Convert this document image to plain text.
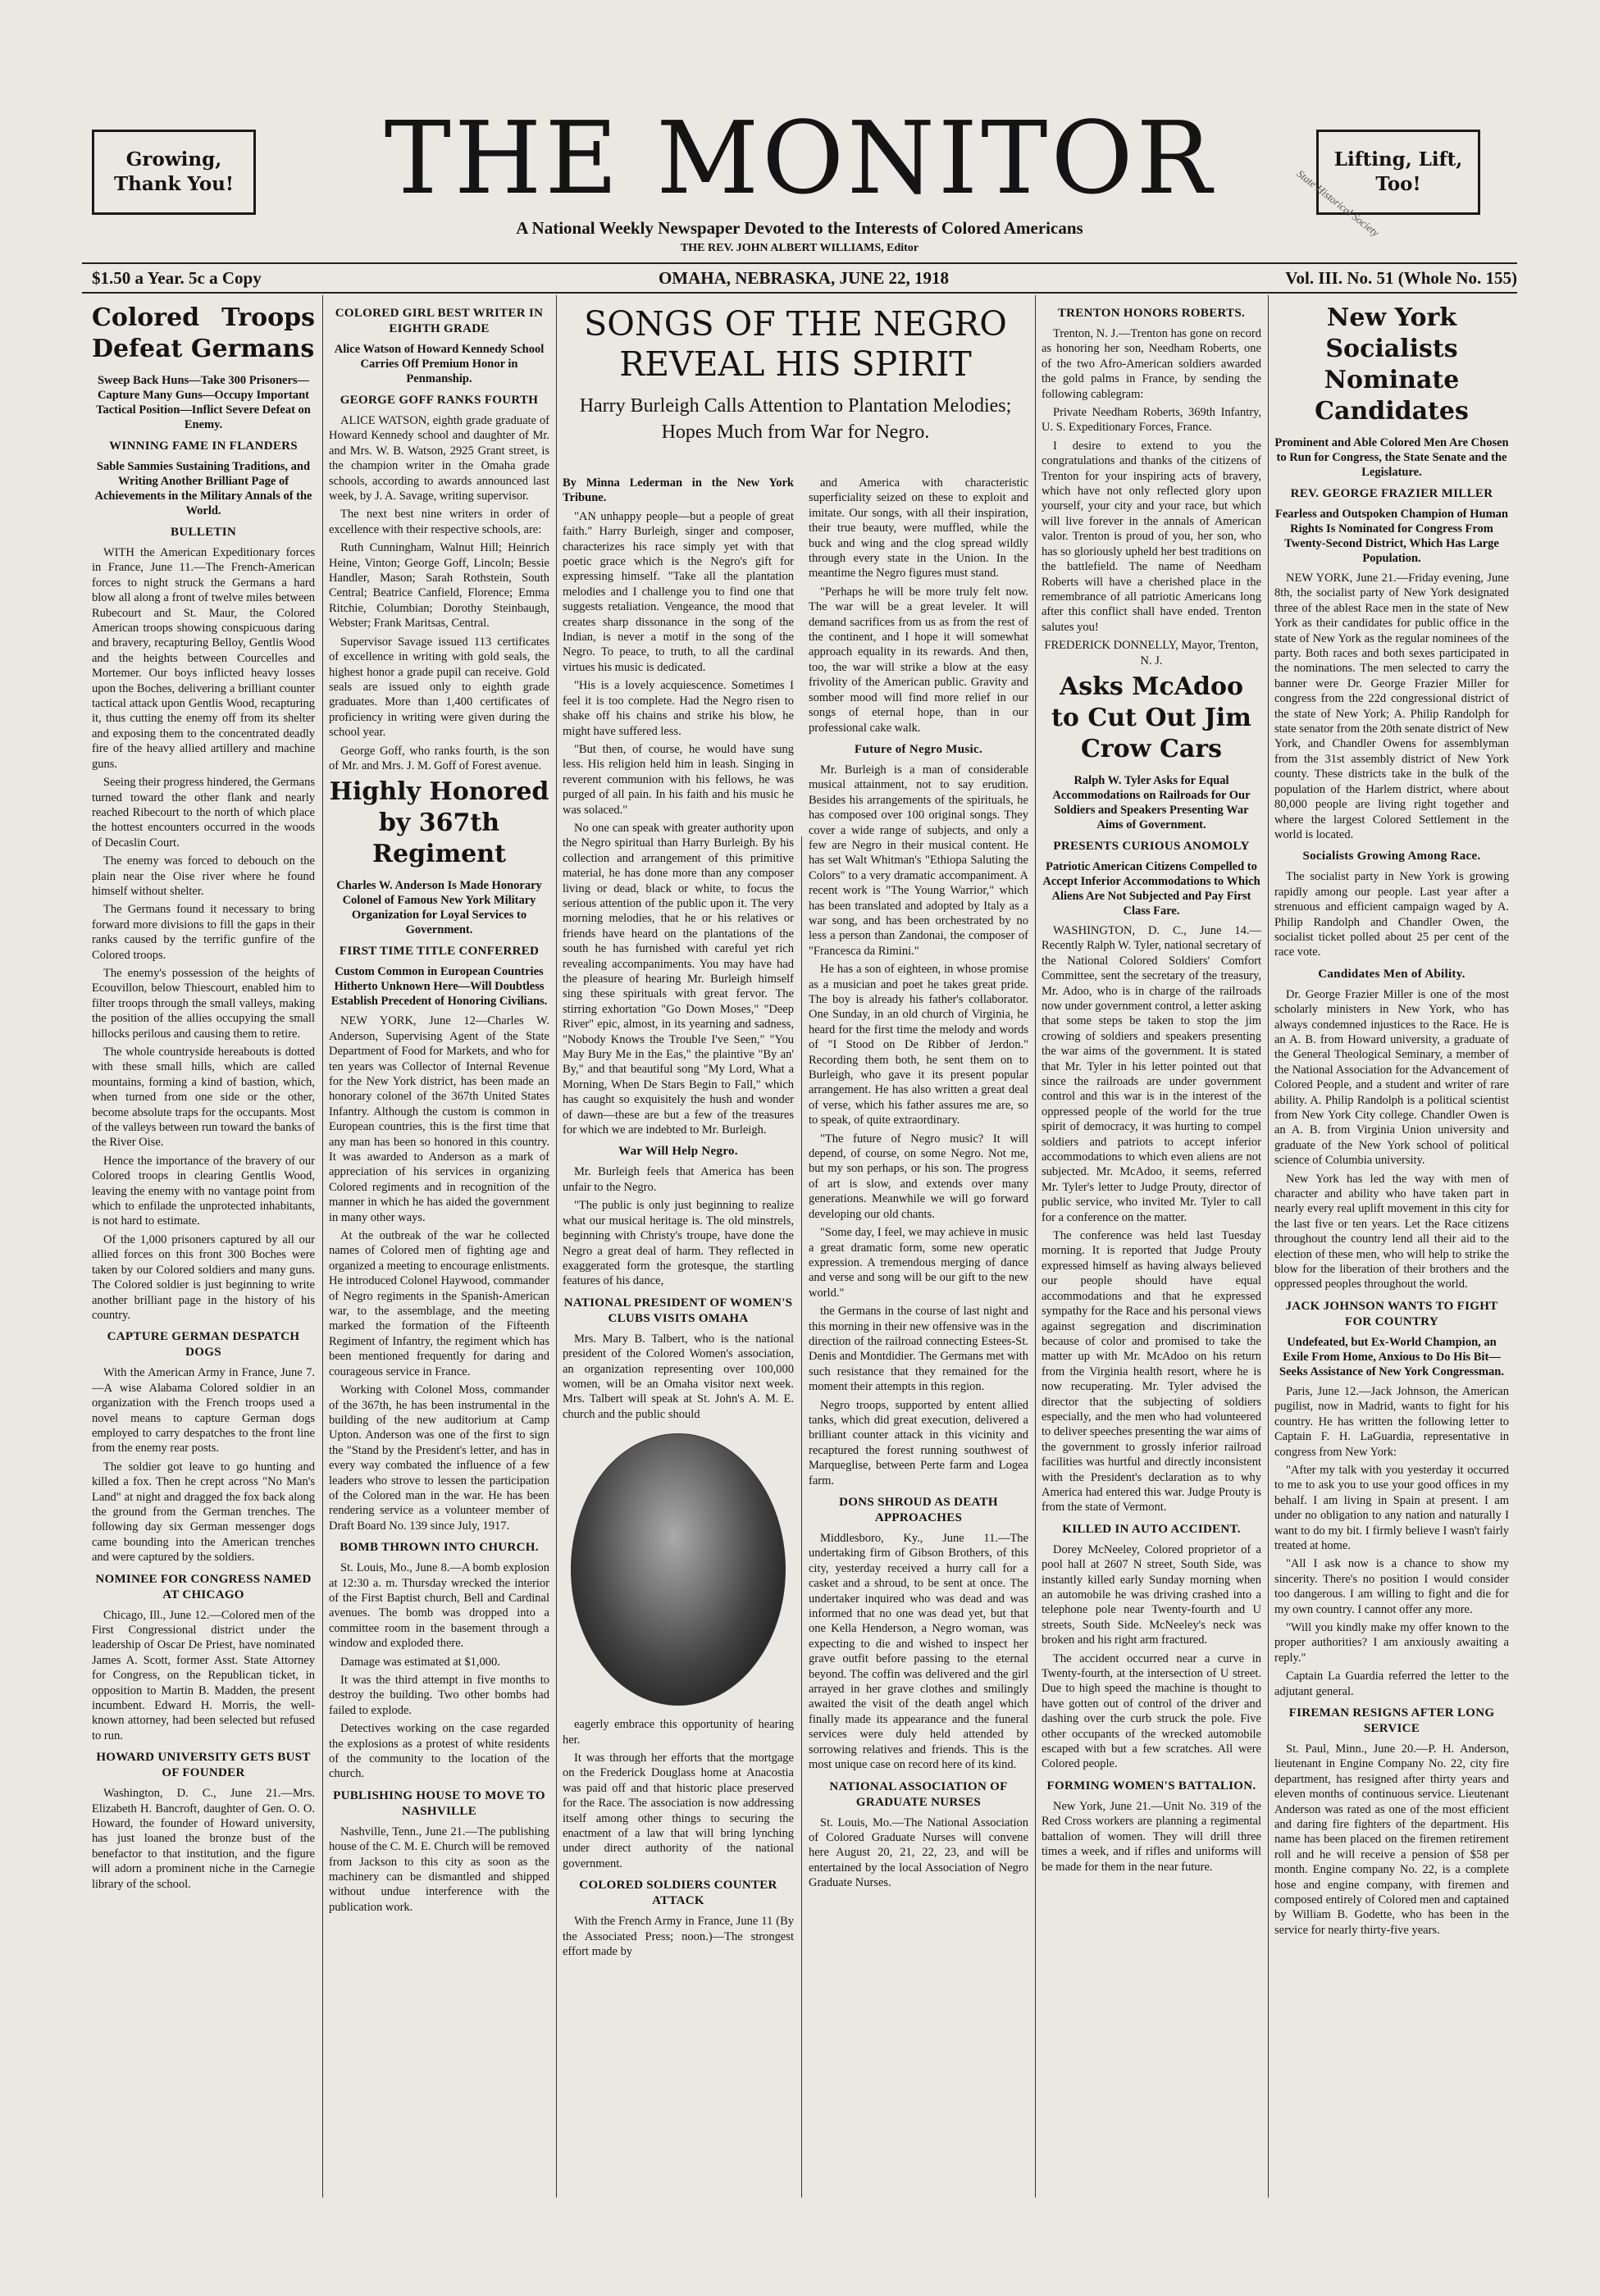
Growing, Thank You! THE MONITOR	Lifting, Lift, Too!
State Historical Society
A National Weekly Newspaper Devoted to the Interests of Colored Americans
THE REV. JOHN ALBERT WILLIAMS, Editor
$1.50 a Year. 5c a Copy	OMAHA, NEBRASKA, JUNE 22, 1918	Vol. III. No. 51 (Whole No. 155)
Colored Troops Defeat Germans
Sweep Back Huns—Take 300 Prisoners—Capture Many Guns—Occupy Important Tactical Position—Inflict Severe Defeat on Enemy.
WINNING FAME IN FLANDERS
Sable Sammies Sustaining Traditions, and Writing Another Brilliant Page of Achievements in the Military Annals of the World.
BULLETIN

WITH the American Expeditionary forces in France, June 11.—The French-American forces to night struck the Germans a hard blow all along a front of twelve miles between Rubecourt and St. Maur, the Colored American troops showing conspicuous daring and bravery, recapturing Belloy, Gentlis Wood and the heights between Courcelles and Mortemer. Our boys inflicted heavy losses upon the Boches, delivering a brilliant counter tactical attack upon Gentlis Wood, recapturing it, thus cutting the enemy off from its shelter and exposing them to the concentrated deadly fire of the heavy allied artillery and machine guns.

Seeing their progress hindered, the Germans turned toward the other flank and nearly reached Ribecourt to the north of which place the hottest encounters occurred in the woods of Decaslin Court.

The enemy was forced to debouch on the plain near the Oise river where he found himself without shelter.

The Germans found it necessary to bring forward more divisions to fill the gaps in their ranks caused by the terrific gunfire of the Colored troops.

The enemy's possession of the heights of Ecouvillon, below Thiescourt, enabled him to filter troops through the small valleys, making the position of the allies occupying the small hillocks perilous and causing them to retire.

The whole countryside hereabouts is dotted with these small hills, which are called mountains, forming a kind of bastion, which, when turned from one side or the other, become absolute traps for the occupants. Most of the valleys between run toward the banks of the River Oise.

Hence the importance of the bravery of our Colored troops in clearing Gentlis Wood, leaving the enemy with no vantage point from which to enfilade the unprotected inhabitants, is not hard to estimate.

Of the 1,000 prisoners captured by all our allied forces on this front 300 Boches were taken by our Colored soldiers and many guns. The Colored soldier is just beginning to write another brilliant page in the history of his country.

CAPTURE GERMAN DESPATCH DOGS

With the American Army in France, June 7.—A wise Alabama Colored soldier in an organization with the French troops used a novel means to capture German dogs employed to carry despatches to the front line from the enemy rear posts.

The soldier got leave to go hunting and killed a fox. Then he crept across "No Man's Land" at night and dragged the fox back along the ground from the German trenches. The following day six German messenger dogs came bounding into the American trenches and were captured by the soldiers.

NOMINEE FOR CONGRESS NAMED AT CHICAGO

Chicago, Ill., June 12.—Colored men of the First Congressional district under the leadership of Oscar De Priest, have nominated James A. Scott, former Asst. State Attorney for Congress, on the Republican ticket, in opposition to Martin B. Madden, the present incumbent. Edward H. Morris, the well-known attorney, had been selected but refused to run.

HOWARD UNIVERSITY GETS BUST OF FOUNDER

Washington, D. C., June 21.—Mrs. Elizabeth H. Bancroft, daughter of Gen. O. O. Howard, the founder of Howard university, has just loaned the bronze bust of the benefactor to that institution, and the figure will adorn a prominent niche in the Carnegie library of the school.

COLORED GIRL BEST WRITER IN EIGHTH GRADE
Alice Watson of Howard Kennedy School Carries Off Premium Honor in Penmanship.
GEORGE GOFF RANKS FOURTH

ALICE WATSON, eighth grade graduate of Howard Kennedy school and daughter of Mr. and Mrs. W. B. Watson, 2925 Grant street, is the champion writer in the Omaha grade schools, according to awards announced last week, by J. A. Savage, writing supervisor.

The next best nine writers in order of excellence with their respective schools, are:

Ruth Cunningham, Walnut Hill; Heinrich Heine, Vinton; George Goff, Lincoln; Bessie Handler, Mason; Sarah Rothstein, South Central; Beatrice Canfield, Florence; Emma Ritchie, Columbian; Dorothy Steinbaugh, Webster; Frank Maritsas, Central.

Supervisor Savage issued 113 certificates of excellence in writing with gold seals, the highest honor a grade pupil can receive. Gold seals are issued only to eighth grade graduates. More than 1,400 certificates of proficiency in writing were given during the school year.

George Goff, who ranks fourth, is the son of Mr. and Mrs. J. M. Goff of Forest avenue.

Highly Honored by 367th Regiment
Charles W. Anderson Is Made Honorary Colonel of Famous New York Military Organization for Loyal Services to Government.
FIRST TIME TITLE CONFERRED
Custom Common in European Countries Hitherto Unknown Here—Will Doubtless Establish Precedent of Honoring Civilians.

NEW YORK, June 12—Charles W. Anderson, Supervising Agent of the State Department of Food for Markets, and who for ten years was Collector of Internal Revenue for the New York district, has been made an honorary colonel of the 367th United States Infantry. Although the custom is common in European countries, this is the first time that any man has been so honored in this country. It was awarded to Anderson as a mark of appreciation of his services in organizing Colored regiments and in recognition of the manner in which he has aided the government in many other ways.

At the outbreak of the war he collected names of Colored men of fighting age and organized a meeting to encourage enlistments. He introduced Colonel Haywood, commander of Negro regiments in the Spanish-American war, to the assemblage, and the meeting marked the formation of the Fifteenth Regiment of Infantry, the regiment which has been mentioned frequently for daring and courageous service in France.

Working with Colonel Moss, commander of the 367th, he has been instrumental in the building of the new auditorium at Camp Upton. Anderson was one of the first to sign the "Stand by the President's letter, and has in every way combated the influence of a few leaders who strove to lessen the participation of the Colored man in the war. He has been rendering service as a volunteer member of Draft Board No. 139 since July, 1917.

BOMB THROWN INTO CHURCH.

St. Louis, Mo., June 8.—A bomb explosion at 12:30 a. m. Thursday wrecked the interior of the First Baptist church, Bell and Cardinal avenues. The bomb was dropped into a committee room in the basement through a window and exploded there.

Damage was estimated at $1,000.

It was the third attempt in five months to destroy the building. Two other bombs had failed to explode.

Detectives working on the case regarded the explosions as a protest of white residents of the community to the location of the church.

PUBLISHING HOUSE TO MOVE TO NASHVILLE

Nashville, Tenn., June 21.—The publishing house of the C. M. E. Church will be removed from Jackson to this city as soon as the machinery can be dismantled and shipped without undue interference with the publication work.

SONGS OF THE NEGRO REVEAL HIS SPIRIT
Harry Burleigh Calls Attention to Plantation Melodies; Hopes Much from War for Negro.

By Minna Lederman in the New York Tribune.

"AN unhappy people—but a people of great faith." Harry Burleigh, singer and composer, characterizes his race simply yet with that poetic grace which is the Negro's gift for expressing himself. "Take all the plantation melodies and I challenge you to find one that suggests retaliation. Vengeance, the mood that creates sharp dissonance in the song of the Indian, is never a motif in the song of the Negro. To peace, to truth, to all the cardinal virtues his music is dedicated.

"His is a lovely acquiescence. Sometimes I feel it is too complete. Had the Negro risen to shake off his chains and strike his blow, he might have suffered less.

"But then, of course, he would have sung less. His religion held him in leash. Singing in reverent communion with his fellows, he was purged of all pain. In his faith and his music he was solaced."

No one can speak with greater authority upon the Negro spiritual than Harry Burleigh. By his collection and arrangement of this primitive material, he has done more than any composer living or dead, black or white, to focus the serious attention of the public upon it. The very morning melodies, that he or his relatives or friends have heard on the plantations of the south he has furnished with careful yet rich revealing accompaniments. You may have had the pleasure of hearing Mr. Burleigh himself sing these spirituals with great fervor. The stirring exhortation "Go Down Moses," "Deep River" epic, almost, in its yearning and sadness, "Nobody Knows the Trouble I've Seen," "You May Bury Me in the Eas," the plaintive "By an' By," and that beautiful song "My Lord, What a Morning, When De Stars Begin to Fall," which has caught so exquisitely the hush and wonder of dawn—these are but a few of the treasures for which we are indebted to Mr. Burleigh.

War Will Help Negro.

Mr. Burleigh feels that America has been unfair to the Negro.

"The public is only just beginning to realize what our musical heritage is. The old minstrels, beginning with Christy's troupe, have done the Negro a great deal of harm. They reflected in exaggerated form the grotesque, the startling features of his dance,

NATIONAL PRESIDENT OF WOMEN'S CLUBS VISITS OMAHA

Mrs. Mary B. Talbert, who is the national president of the Colored Women's association, an organization representing over 100,000 women, will be an Omaha visitor next week. Mrs. Talbert will speak at St. John's A. M. E. church and the public should

eagerly embrace this opportunity of hearing her.

It was through her efforts that the mortgage on the Frederick Douglass home at Anacostia was paid off and that historic place preserved for the Race. The association is now addressing itself among other things to securing the enactment of a law that will bring lynching under direct authority of the national government.

COLORED SOLDIERS COUNTER ATTACK

With the French Army in France, June 11 (By the Associated Press; noon.)—The strongest effort made by

and America with characteristic superficiality seized on these to exploit and imitate. Our songs, with all their inspiration, their true beauty, were muffled, while the buck and wing and the clog spread wildly through every state in the Union. In the meantime the Negro figures must stand.

"Perhaps he will be more truly felt now. The war will be a great leveler. It will demand sacrifices from us as from the rest of the continent, and I hope it will somewhat approach equality in its rewards. And then, too, the war will strike a blow at the easy frivolity of the American public. Gravity and somber mood will find more relief in our songs of eternal hope, than in our professional cake walk.

Future of Negro Music.

Mr. Burleigh is a man of considerable musical attainment, not to say erudition. Besides his arrangements of the spirituals, he has composed over 100 original songs. They cover a wide range of subjects, and only a few are Negro in their musical content. He has set Walt Whitman's "Ethiopa Saluting the Colors" to a very dramatic accompaniment. A recent work is "The Young Warrior," which has been translated and adopted by Italy as a war song, and has been orchestrated by no less a person than Zandonai, the composer of "Francesca da Rimini."

He has a son of eighteen, in whose promise as a musician and poet he takes great pride. The boy is already his father's collaborator. One Sunday, in an old church of Virginia, he heard for the first time the melody and words of "I Stood on De Ribber of Jerdon." Recording them both, he sent them on to Burleigh, who gave it its present popular arrangement. He has also written a great deal of verse, which his father assures me are, so to speak, of quite extraordinary.

"The future of Negro music? It will depend, of course, on some Negro. Not me, but my son perhaps, or his son. The progress of art is slow, and extends over many generations. Meanwhile we will go forward developing our old chants.

"Some day, I feel, we may achieve in music a great dramatic form, some new operatic expression. A tremendous merging of dance and verse and song will be our gift to the new world."

the Germans in the course of last night and this morning in their new offensive was in the direction of the railroad connecting Estees-St. Denis and Montdidier. The Germans met with such resistance that they remained for the moment their attempts in this region.

Negro troops, supported by entent allied tanks, which did great execution, delivered a brilliant counter attack in this vicinity and recaptured the forest running southwest of Marqueglise, between Perte farm and Logea farm.

DONS SHROUD AS DEATH APPROACHES

Middlesboro, Ky., June 11.—The undertaking firm of Gibson Brothers, of this city, yesterday received a hurry call for a casket and a shroud, to be sent at once. The undertaker inquired who was dead and was informed that no one was dead yet, but that one Kella Henderson, a Negro woman, was expecting to die and wished to inspect her grave outfit before passing to the eternal beyond. The coffin was delivered and the girl arrayed in her grave clothes and smilingly awaited the visit of the death angel which finally made its appearance and the funeral services were duly held attended by sorrowing relatives and friends. This is the most unique case on record here of its kind.

NATIONAL ASSOCIATION OF GRADUATE NURSES

St. Louis, Mo.—The National Association of Colored Graduate Nurses will convene here August 20, 21, 22, 23, and will be entertained by the local Association of Negro Graduate Nurses.

TRENTON HONORS ROBERTS.

Trenton, N. J.—Trenton has gone on record as honoring her son, Needham Roberts, one of the two Afro-American soldiers awarded the gold palms in France, by sending the following cablegram:

Private Needham Roberts, 369th Infantry, U. S. Expeditionary Forces, France.

I desire to extend to you the congratulations and thanks of the citizens of Trenton for your inspiring acts of bravery, which have not only reflected glory upon yourself, your city and your race, but which will live forever in the annals of American valor. Trenton is proud of you, her son, who has so gloriously upheld her best traditions on the battlefield. The name of Needham Roberts will have a cherished place in the remembrance of all patriotic Americans long after this conflict shall have ended. Trenton salutes you!

FREDERICK DONNELLY, Mayor, Trenton, N. J.

Asks McAdoo to Cut Out Jim Crow Cars
Ralph W. Tyler Asks for Equal Accommodations on Railroads for Our Soldiers and Speakers Presenting War Aims of Government.
PRESENTS CURIOUS ANOMOLY
Patriotic American Citizens Compelled to Accept Inferior Accommodations to Which Aliens Are Not Subjected and Pay First Class Fare.

WASHINGTON, D. C., June 14.—Recently Ralph W. Tyler, national secretary of the National Colored Soldiers' Comfort Committee, sent the secretary of the treasury, Mr. Adoo, who is in charge of the railroads now under government control, a letter asking that some steps be taken to stop the jim crowing of soldiers and speakers presenting the war aims of the government. It is stated that Mr. Tyler in his letter pointed out that since the railroads are under government control and this war is in the interest of the oppressed people of the world for the true spirit of democracy, it was hurting to compel soldiers and patriots to accept inferior accommodations to which even aliens are not subjected. Mr. McAdoo, it seems, referred Mr. Tyler's letter to Judge Prouty, director of public service, who invited Mr. Tyler to call for a conference on the matter.

The conference was held last Tuesday morning. It is reported that Judge Prouty expressed himself as having always believed our people should have equal accommodations and that he expressed sympathy for the Race and his personal views against segregation and discrimination because of color and promised to take the matter up with Mr. McAdoo on his return from the Virginia health resort, where he is now recuperating. Mr. Tyler advised the director that the subjecting of soldiers especially, and the men who had volunteered to deliver speeches presenting the war aims of the government to grossly inferior railroad facilities was hurtful and directly inconsistent with the President's declaration as to why America had entered this war. Judge Prouty is from the state of Vermont.

KILLED IN AUTO ACCIDENT.

Dorey McNeeley, Colored proprietor of a pool hall at 2607 N street, South Side, was instantly killed early Sunday morning when an automobile he was driving crashed into a telephone pole near Twenty-fourth and U streets, South Side. McNeeley's neck was broken and his right arm fractured.

The accident occurred near a curve in Twenty-fourth, at the intersection of U street. Due to high speed the machine is thought to have gotten out of control of the driver and dashing over the curb struck the pole. Five other occupants of the wrecked automobile escaped with but a few scratches. All were Colored people.

FORMING WOMEN'S BATTALION.

New York, June 21.—Unit No. 319 of the Red Cross workers are planning a regimental battalion of women. They will drill three times a week, and if rifles and uniforms will be made for them in the near future.

New York Socialists Nominate Candidates
Prominent and Able Colored Men Are Chosen to Run for Congress, the State Senate and the Legislature.
REV. GEORGE FRAZIER MILLER
Fearless and Outspoken Champion of Human Rights Is Nominated for Congress From Twenty-Second District, Which Has Large Population.

NEW YORK, June 21.—Friday evening, June 8th, the socialist party of New York designated three of the ablest Race men in the state of New York as their candidates for public office in the state of New York as the regular nominees of the party. Both races and both sexes participated in the nominations. The men selected to carry the banner were Dr. George Frazier Miller for congress from the 22d congressional district of the state of New York; A. Philip Randolph for state senator from the 20th senate district of New York, and Chandler Owens for assemblyman from the 31st assembly district of New York county. These districts take in the bulk of the population of the Harlem district, where about 80,000 people are living right together and where the largest Colored Settlement in the world is located.

Socialists Growing Among Race.

The socialist party in New York is growing rapidly among our people. Last year after a strenuous and efficient campaign waged by A. Philip Randolph and Chandler Owen, the socialist ticket polled about 25 per cent of the race vote.

Candidates Men of Ability.

Dr. George Frazier Miller is one of the most scholarly ministers in New York, who has always condemned injustices to the Race. He is an A. B. from Howard university, a graduate of the General Theological Seminary, a member of the National Association for the Advancement of Colored People, and a student and writer of rare ability. A. Philip Randolph is a political scientist from New York City college. Chandler Owen is an A. B. from Virginia Union university and graduate of the New York school of political science of Columbia university.

New York has led the way with men of character and ability who have taken part in nearly every real uplift movement in this city for the last five or ten years. Let the Race citizens throughout the country lend all their aid to the election of these men, who will help to strike the blow for the liberation of their brothers and the oppressed peoples throughout the world.

JACK JOHNSON WANTS TO FIGHT FOR COUNTRY
Undefeated, but Ex-World Champion, an Exile From Home, Anxious to Do His Bit—Seeks Assistance of New York Congressman.

Paris, June 12.—Jack Johnson, the American pugilist, now in Madrid, wants to fight for his country. He has written the following letter to Captain F. H. LaGuardia, representative in congress from New York:

"After my talk with you yesterday it occurred to me to ask you to use your good offices in my behalf. I am living in Spain at present. I am under no obligation to any nation and naturally I want to do my bit. I firmly believe I wasn't fairly treated at home.

"All I ask now is a chance to show my sincerity. There's no position I would consider too dangerous. I am willing to fight and die for my own country. I cannot offer any more.

"Will you kindly make my offer known to the proper authorities? I am anxiously awaiting a reply."

Captain La Guardia referred the letter to the adjutant general.

FIREMAN RESIGNS AFTER LONG SERVICE

St. Paul, Minn., June 20.—P. H. Anderson, lieutenant in Engine Company No. 22, city fire department, has resigned after thirty years and eleven months of continuous service. Lieutenant Anderson was rated as one of the most efficient and daring fire fighters of the department. His name has been placed on the firemen retirement roll and he will receive a pension of $58 per month. Engine company No. 22, is a complete hose and engine company, with firemen and composed entirely of Colored men and captained by William B. Godette, who has been in the service for nearly thirty-five years.
